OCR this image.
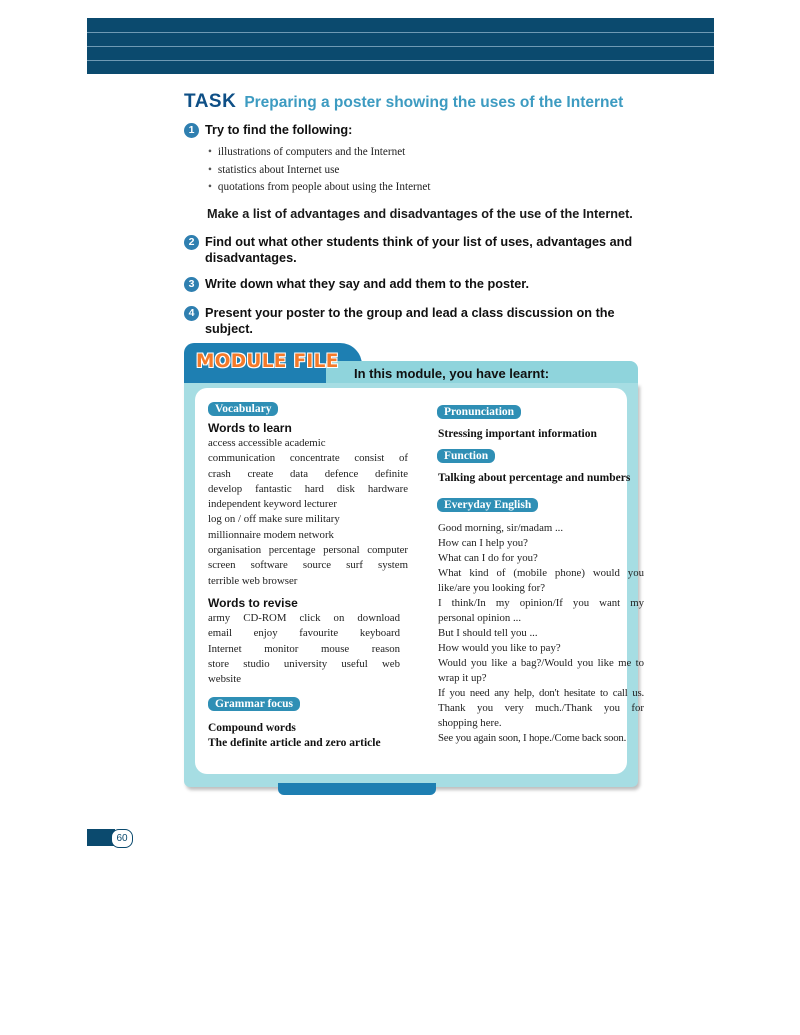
TASK Preparing a poster showing the uses of the Internet
1 Try to find the following:
• illustrations of computers and the Internet
• statistics about Internet use
• quotations from people about using the Internet
Make a list of advantages and disadvantages of the use of the Internet.
2 Find out what other students think of your list of uses, advantages and disadvantages.
3 Write down what they say and add them to the poster.
4 Present your poster to the group and lead a class discussion on the subject.
MODULE FILE
In this module, you have learnt:
Vocabulary
Words to learn
access accessible academic
communication concentrate consist of
crash create data defence definite
develop fantastic hard disk hardware
independent keyword lecturer
log on / off make sure military
millionnaire modem network
organisation percentage personal computer
screen software source surf system
terrible web browser
Words to revise
army CD-ROM click on download
email enjoy favourite keyboard
Internet monitor mouse reason
store studio university useful web
website
Grammar focus
Compound words
The definite article and zero article
Pronunciation
Stressing important information
Function
Talking about percentage and numbers
Everyday English
Good morning, sir/madam ...
How can I help you?
What can I do for you?
What kind of (mobile phone) would you
like/are you looking for?
I think/In my opinion/If you want my
personal opinion ...
But I should tell you ...
How would you like to pay?
Would you like a bag?/Would you like me to
wrap it up?
If you need any help, don't hesitate to call us.
Thank you very much./Thank you for
shopping here.
See you again soon, I hope./Come back soon.
60
